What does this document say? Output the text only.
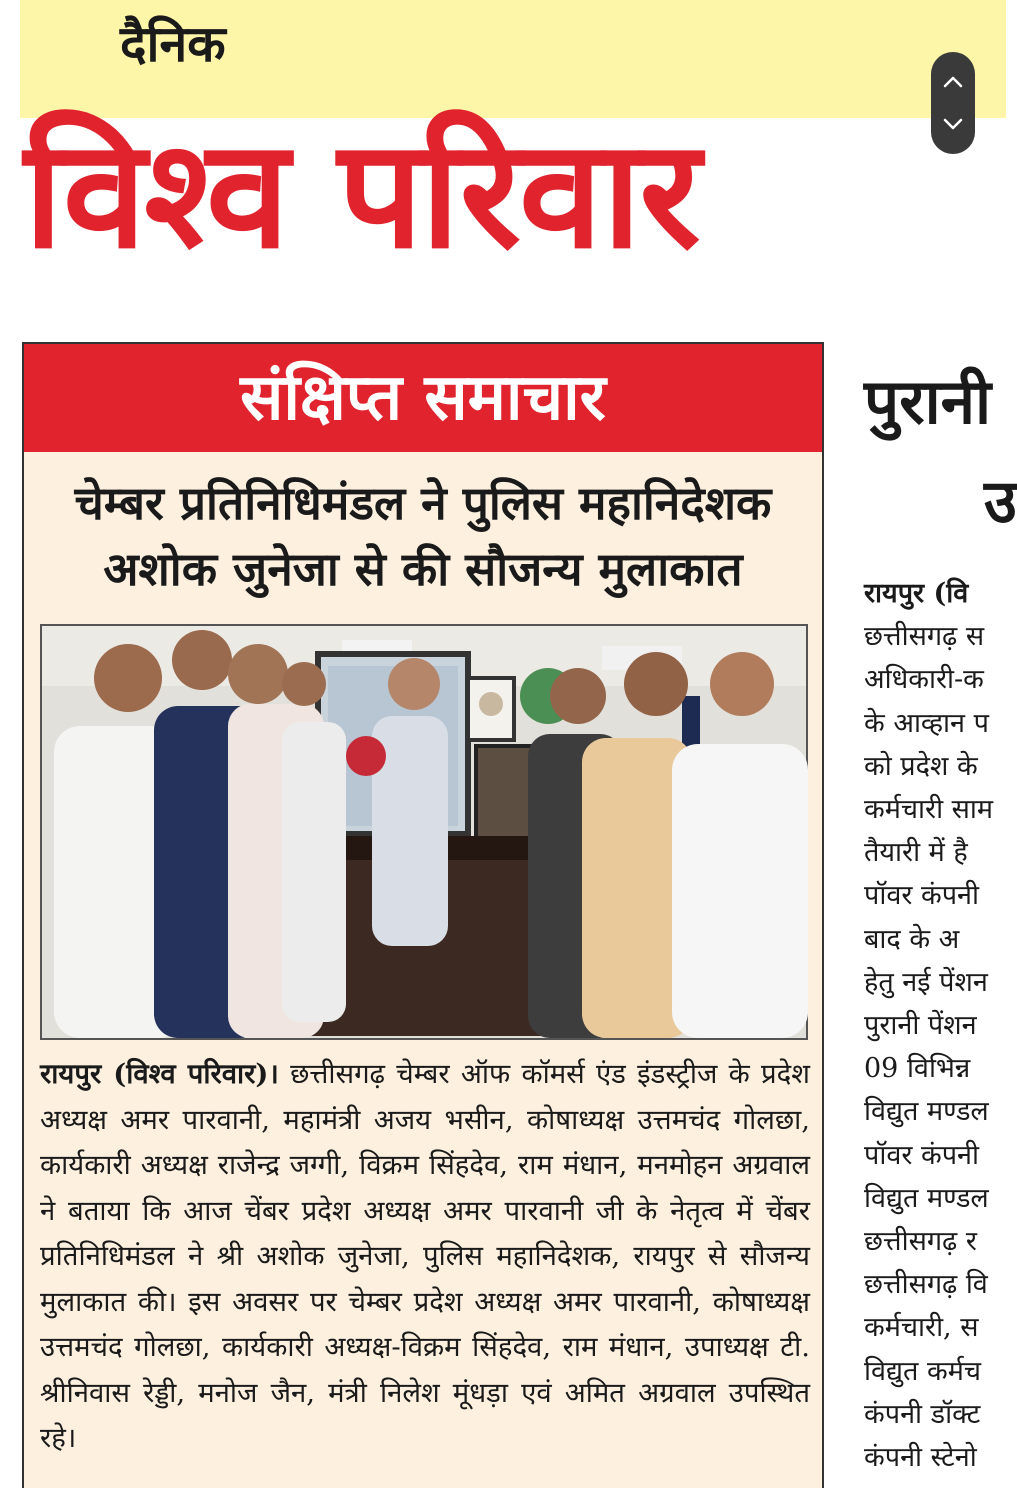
दैनिक
विश्व परिवार
संक्षिप्त समाचार
चेम्बर प्रतिनिधिमंडल ने पुलिस महानिदेशक अशोक जुनेजा से की सौजन्य मुलाकात

रायपुर (विश्व परिवार)। छत्तीसगढ़ चेम्बर ऑफ कॉमर्स एंड इंडस्ट्रीज के प्रदेश अध्यक्ष अमर पारवानी, महामंत्री अजय भसीन, कोषाध्यक्ष उत्तमचंद गोलछा, कार्यकारी अध्यक्ष राजेन्द्र जग्गी, विक्रम सिंहदेव, राम मंधान, मनमोहन अग्रवाल ने बताया कि आज चेंबर प्रदेश अध्यक्ष अमर पारवानी जी के नेतृत्व में चेंबर प्रतिनिधिमंडल ने श्री अशोक जुनेजा, पुलिस महानिदेशक, रायपुर से सौजन्य मुलाकात की। इस अवसर पर चेम्बर प्रदेश अध्यक्ष अमर पारवानी, कोषाध्यक्ष उत्तमचंद गोलछा, कार्यकारी अध्यक्ष-विक्रम सिंहदेव, राम मंधान, उपाध्यक्ष टी. श्रीनिवास रेड्डी, मनोज जैन, मंत्री निलेश मूंधड़ा एवं अमित अग्रवाल उपस्थित रहे।

पुरानी
उ
रायपुर (वि
छत्तीसगढ़ स
अधिकारी-क
के आव्हान प
को प्रदेश के
कर्मचारी साम
तैयारी में है
पॉवर कंपनी
बाद के अ
हेतु नई पेंशन
पुरानी पेंशन
09 विभिन्न
विद्युत मण्डल
पॉवर कंपनी
विद्युत मण्डल
छत्तीसगढ़ र
छत्तीसगढ़ वि
कर्मचारी, स
विद्युत कर्मच
कंपनी डॉक्ट
कंपनी स्टेनो
